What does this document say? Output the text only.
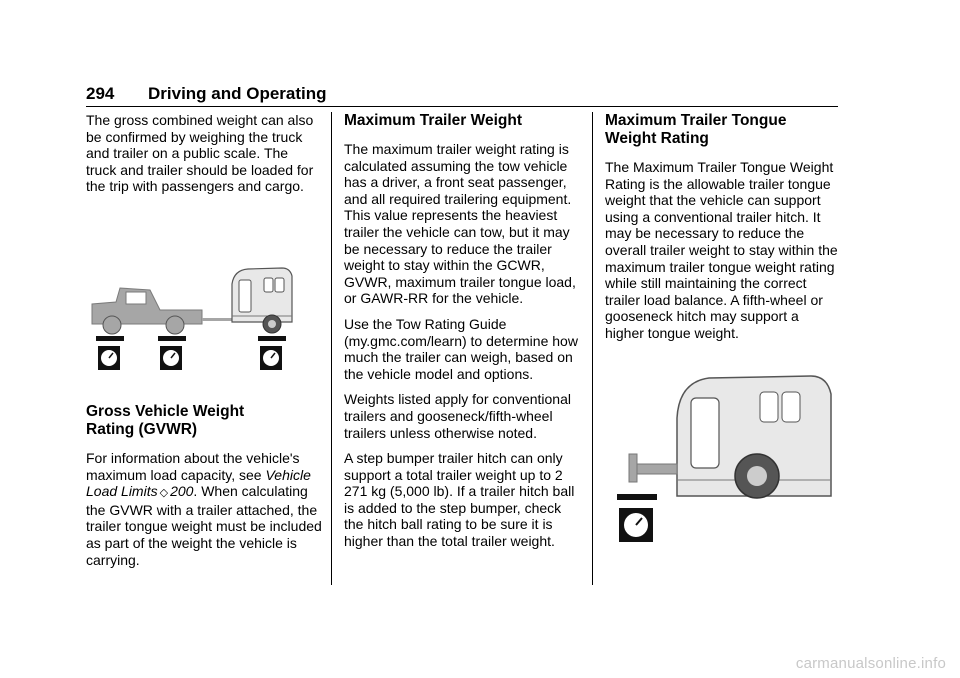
294 Driving and Operating

The gross combined weight can also be confirmed by weighing the truck and trailer on a public scale. The truck and trailer should be loaded for the trip with passengers and cargo.

Gross Vehicle Weight
Rating (GVWR)

For information about the vehicle's maximum load capacity, see Vehicle Load Limits ◇ 200. When calculating the GVWR with a trailer attached, the trailer tongue weight must be included as part of the weight the vehicle is carrying.

Maximum Trailer Weight

The maximum trailer weight rating is calculated assuming the tow vehicle has a driver, a front seat passenger, and all required trailering equipment. This value represents the heaviest trailer the vehicle can tow, but it may be necessary to reduce the trailer weight to stay within the GCWR, GVWR, maximum trailer tongue load, or GAWR-RR for the vehicle.

Use the Tow Rating Guide (my.gmc.com/learn) to determine how much the trailer can weigh, based on the vehicle model and options.

Weights listed apply for conventional trailers and gooseneck/fifth-wheel trailers unless otherwise noted.

A step bumper trailer hitch can only support a total trailer weight up to 2 271 kg (5,000 lb). If a trailer hitch ball is added to the step bumper, check the hitch ball rating to be sure it is higher than the total trailer weight.

Maximum Trailer Tongue
Weight Rating

The Maximum Trailer Tongue Weight Rating is the allowable trailer tongue weight that the vehicle can support using a conventional trailer hitch. It may be necessary to reduce the overall trailer weight to stay within the maximum trailer tongue weight rating while still maintaining the correct trailer load balance. A fifth-wheel or gooseneck hitch may support a higher tongue weight.

carmanualsonline.info
